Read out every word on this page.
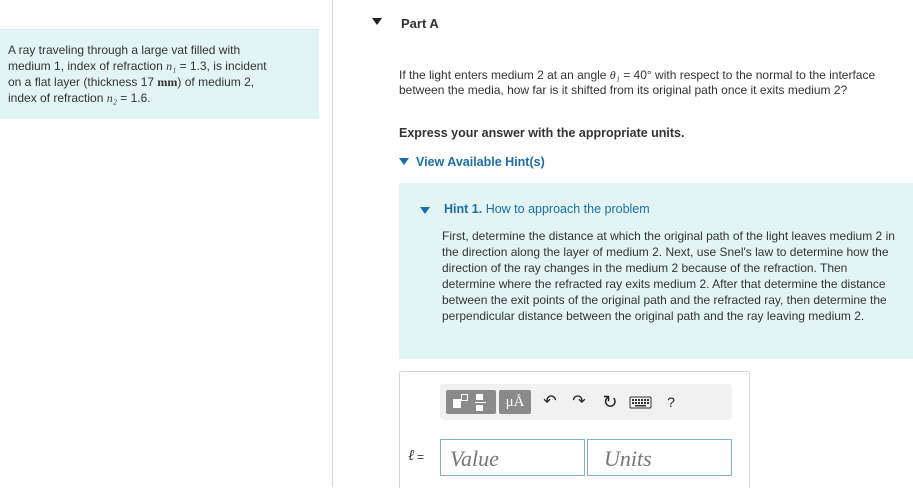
A ray traveling through a large vat filled with
medium 1, index of refraction n₁ = 1.3, is incident
on a flat layer (thickness 17 mm) of medium 2,
index of refraction n₂ = 1.6.
Part A
If the light enters medium 2 at an angle θ₁ = 40° with respect to the normal to the interface between the media, how far is it shifted from its original path once it exits medium 2?
Express your answer with the appropriate units.
View Available Hint(s)
Hint 1. How to approach the problem
First, determine the distance at which the original path of the light leaves medium 2 in the direction along the layer of medium 2. Next, use Snel's law to determine how the direction of the ray changes in the medium 2 because of the refraction. Then determine where the refracted ray exits medium 2. After that determine the distance between the exit points of the original path and the refracted ray, then determine the perpendicular distance between the original path and the ray leaving medium 2.
μÅ	↶ ↷ ↻	?
ℓ =	Value	Units
